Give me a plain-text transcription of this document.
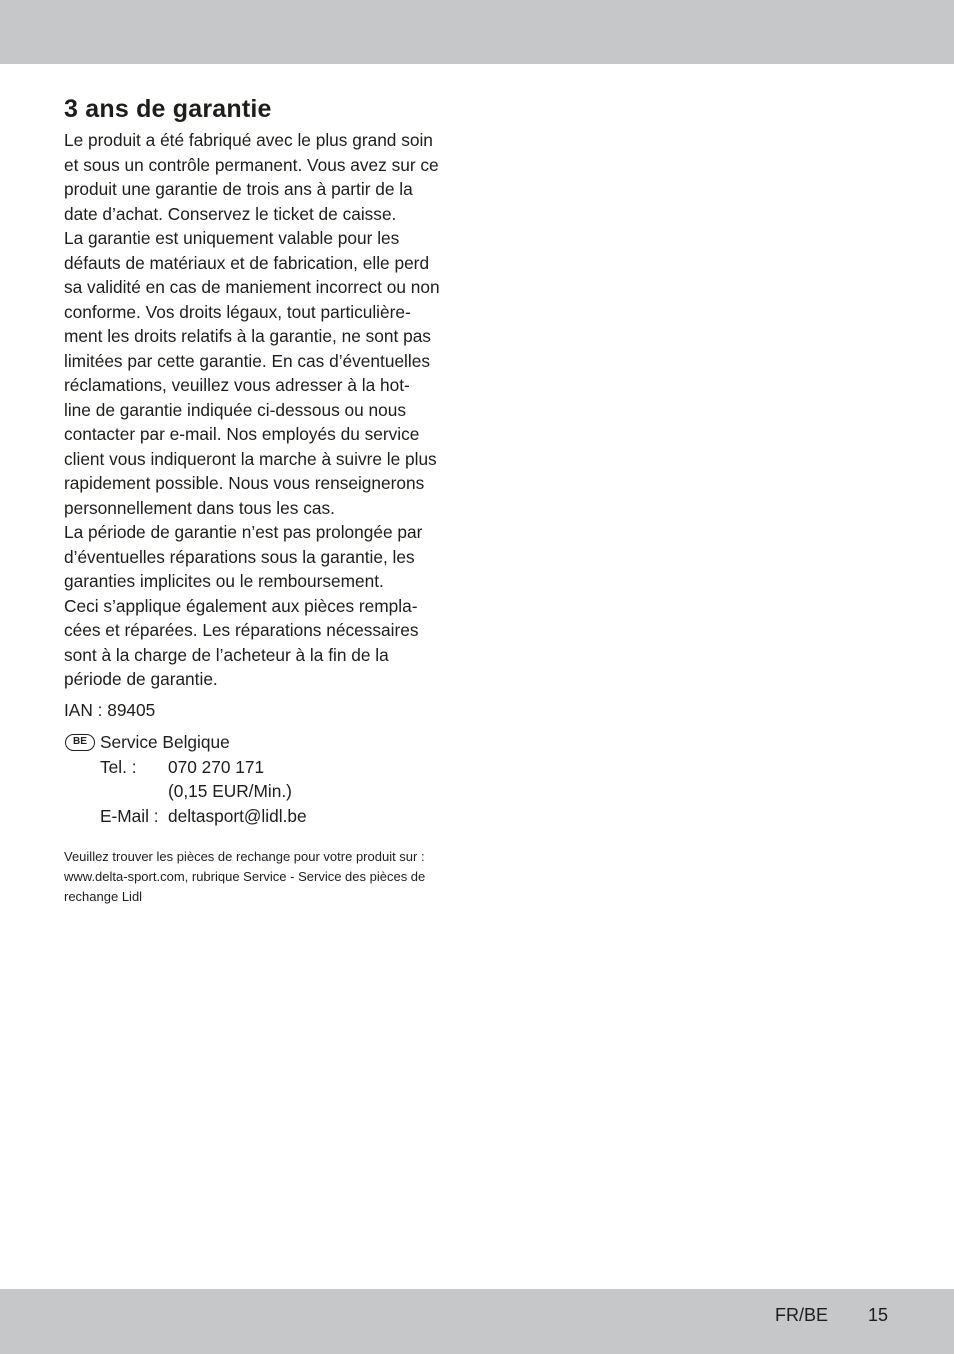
3 ans de garantie

Le produit a été fabriqué avec le plus grand soin
et sous un contrôle permanent. Vous avez sur ce
produit une garantie de trois ans à partir de la
date d’achat. Conservez le ticket de caisse.

La garantie est uniquement valable pour les
défauts de matériaux et de fabrication, elle perd
sa validité en cas de maniement incorrect ou non
conforme. Vos droits légaux, tout particulière-
ment les droits relatifs à la garantie, ne sont pas
limitées par cette garantie. En cas d’éventuelles
réclamations, veuillez vous adresser à la hot-
line de garantie indiquée ci-dessous ou nous
contacter par e-mail. Nos employés du service
client vous indiqueront la marche à suivre le plus
rapidement possible. Nous vous renseignerons
personnellement dans tous les cas.

La période de garantie n’est pas prolongée par
d’éventuelles réparations sous la garantie, les
garanties implicites ou le remboursement.

Ceci s’applique également aux pièces rempla-
cées et réparées. Les réparations nécessaires
sont à la charge de l’acheteur à la fin de la
période de garantie.

IAN : 89405
BE Service Belgique
Tel. :	070 270 171
(0,15 EUR/Min.)
E-Mail : deltasport@lidl.be
Veuillez trouver les pièces de rechange pour votre produit sur :
www.delta-sport.com, rubrique Service - Service des pièces de
rechange Lidl
FR/BE 15
